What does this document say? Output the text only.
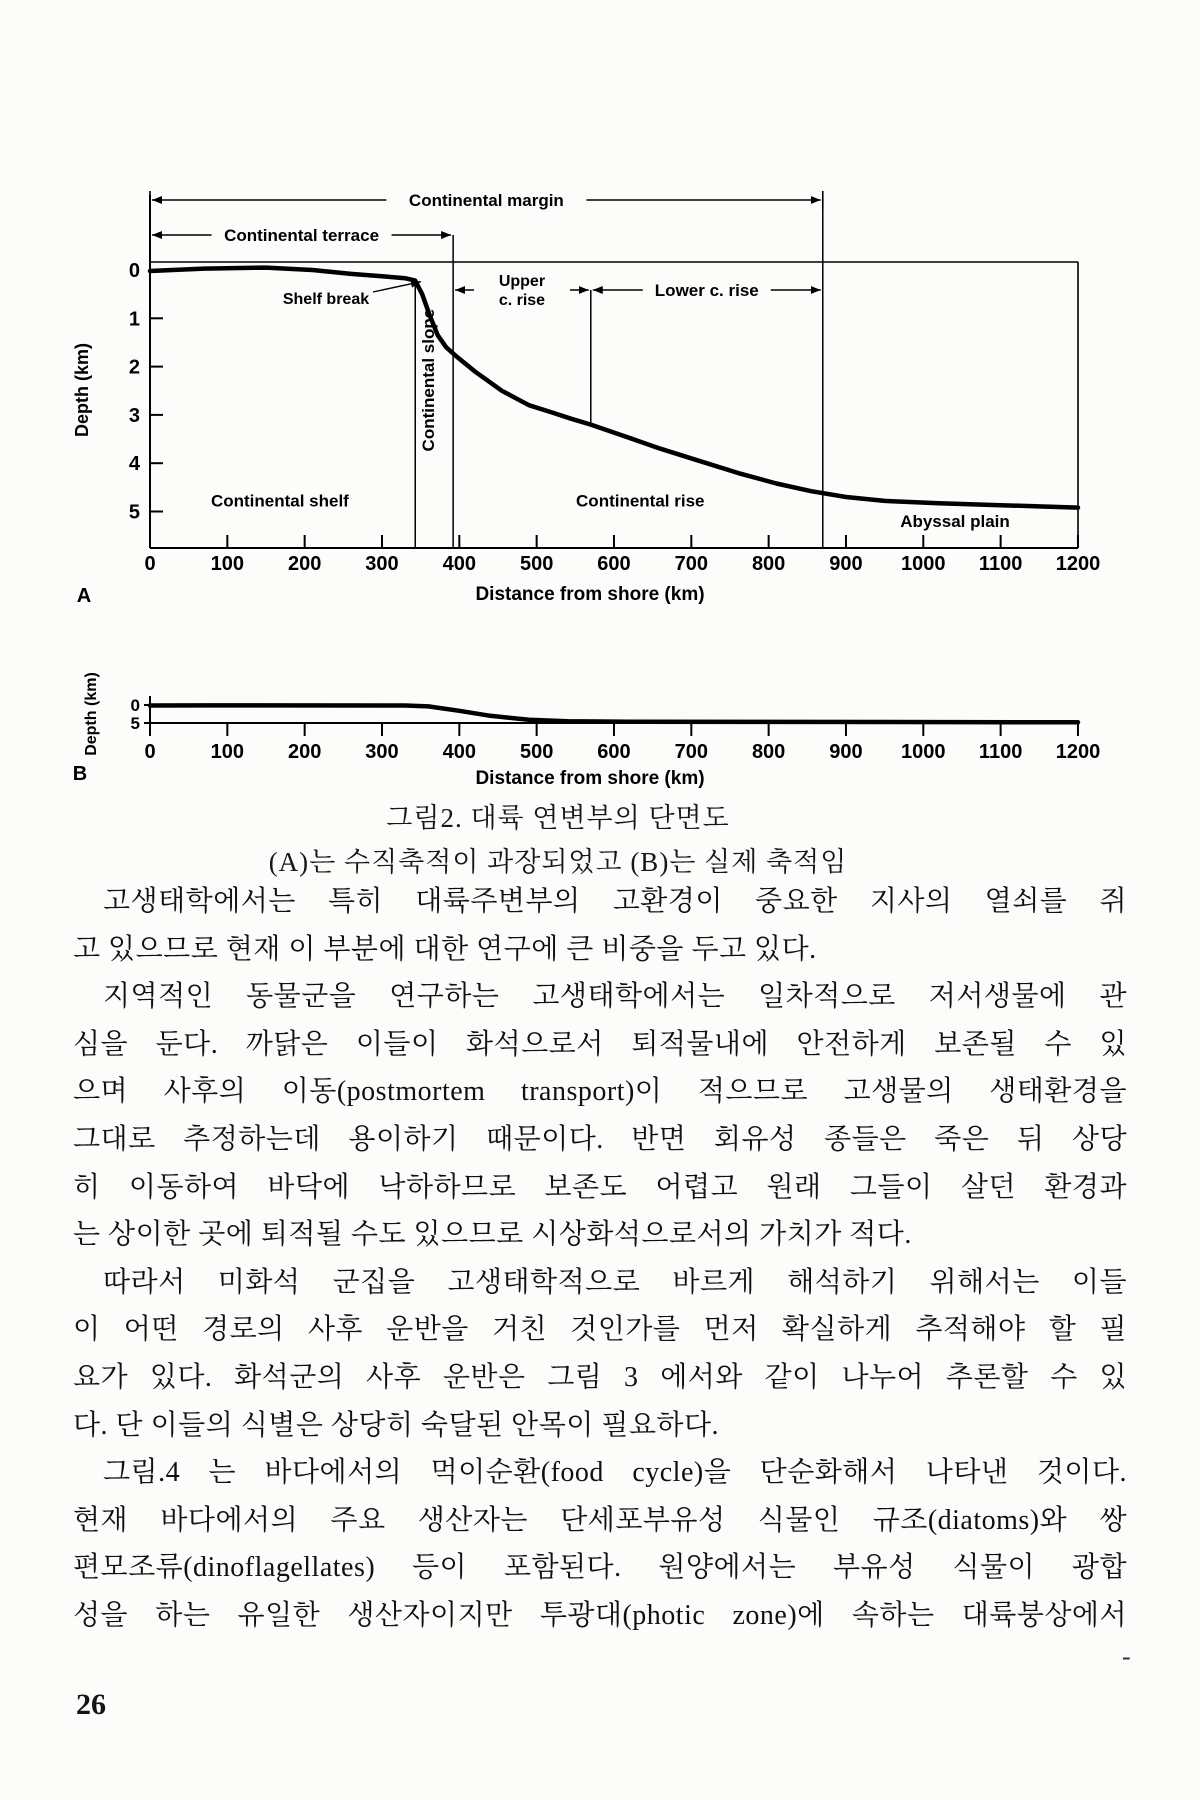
0
1
2
3
4
5
0	100 200 300 400 500 600 700 800 900 1000 1100 1200
Depth (km)
Distance from shore (km)
A
Continental margin
Continental terrace
Upper
c. rise
Lower c. rise
Shelf break
Continental shelf
Continental slope
Continental rise
Abyssal plain
0
5
0	100 200 300 400 500 600 700 800 900 1000 1100 1200
Depth (km)
Distance from shore (km)
B
그림2. 대륙 연변부의 단면도
(A)는 수직축적이 과장되었고 (B)는 실제 축적임
고생태학에서는 특히 대륙주변부의 고환경이 중요한 지사의 열쇠를 쥐
고 있으므로 현재 이 부분에 대한 연구에 큰 비중을 두고 있다.
지역적인 동물군을 연구하는 고생태학에서는 일차적으로 저서생물에 관
심을 둔다. 까닭은 이들이 화석으로서 퇴적물내에 안전하게 보존될 수 있
으며 사후의 이동(postmortem transport)이 적으므로 고생물의 생태환경을
그대로 추정하는데 용이하기 때문이다. 반면 회유성 종들은 죽은 뒤 상당
히 이동하여 바닥에 낙하하므로 보존도 어렵고 원래 그들이 살던 환경과
는 상이한 곳에 퇴적될 수도 있으므로 시상화석으로서의 가치가 적다.
따라서 미화석 군집을 고생태학적으로 바르게 해석하기 위해서는 이들
이 어떤 경로의 사후 운반을 거친 것인가를 먼저 확실하게 추적해야 할 필
요가 있다. 화석군의 사후 운반은 그림 3 에서와 같이 나누어 추론할 수 있
다. 단 이들의 식별은 상당히 숙달된 안목이 필요하다.
그림.4 는 바다에서의 먹이순환(food cycle)을 단순화해서 나타낸 것이다.
현재 바다에서의 주요 생산자는 단세포부유성 식물인 규조(diatoms)와 쌍
편모조류(dinoflagellates) 등이 포함된다. 원양에서는 부유성 식물이 광합
성을 하는 유일한 생산자이지만 투광대(photic zone)에 속하는 대륙붕상에서
-
26
